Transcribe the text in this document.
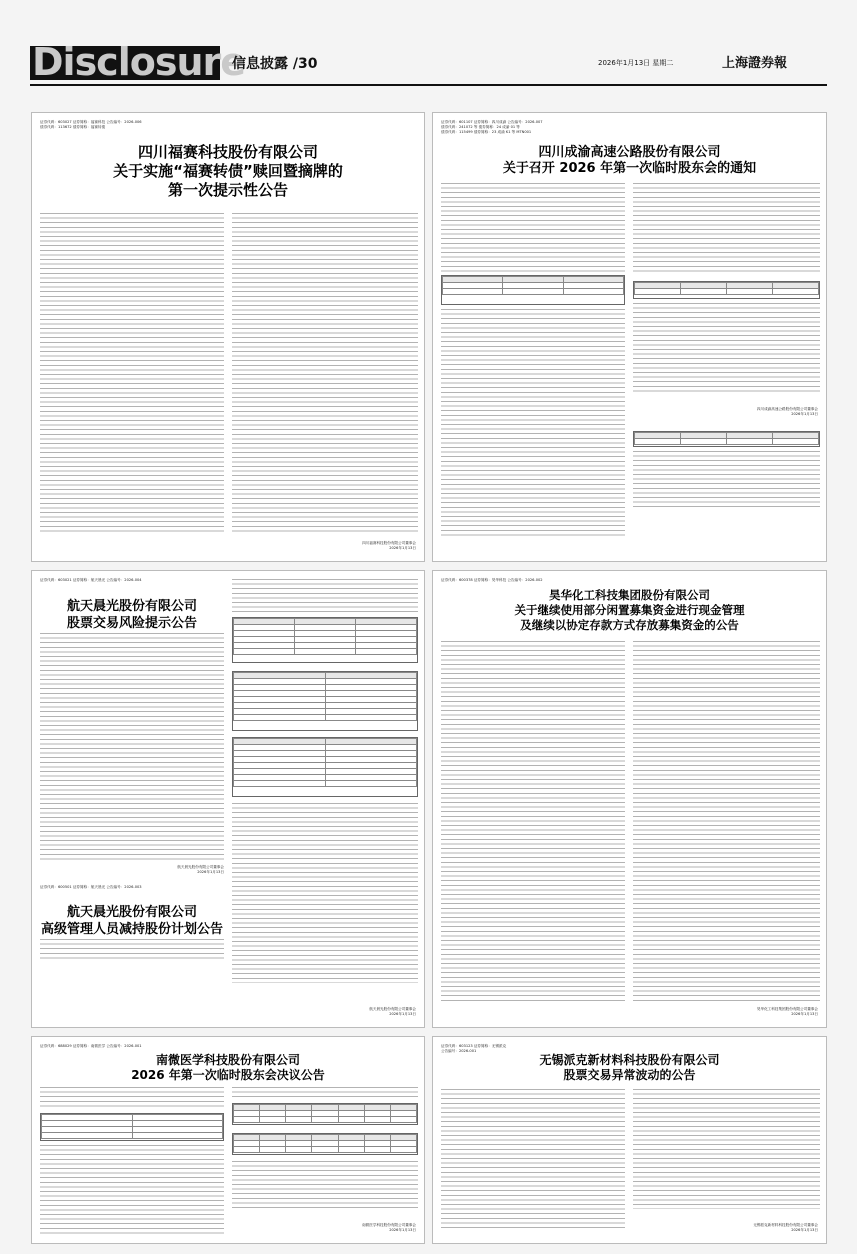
Disclosure
信息披露 /30	2026年1月13日 星期二	上海證券報
证券代码：603027 证券简称：福赛科技 公告编号：2026-006
债券代码：113672 债券简称：福赛转债
四川福赛科技股份有限公司
关于实施“福赛转债”赎回暨摘牌的
第一次提示性公告
四川福赛科技股份有限公司董事会
2026年1月13日
证券代码：601107 证券简称：四川成渝 公告编号：2026-007
债券代码：241072 等 债券简称：24 成渝 01 等
债券代码：115499 债券简称：23 成渝 K1 等 MTN001
四川成渝高速公路股份有限公司
关于召开 2026 年第一次临时股东会的通知

四川成渝高速公路股份有限公司董事会
2026年1月13日
证券代码：603021 证券简称：航天晨光 公告编号：2026-004
航天晨光股份有限公司
股票交易风险提示公告
航天晨光股份有限公司董事会
2026年1月13日

证券代码：600501 证券简称：航天晨光 公告编号：2026-003
航天晨光股份有限公司
高级管理人员减持股份计划公告
航天晨光股份有限公司董事会
2026年1月13日
证券代码：600378 证券简称：昊华科技 公告编号：2026-002
昊华化工科技集团股份有限公司
关于继续使用部分闲置募集资金进行现金管理
及继续以协定存款方式存放募集资金的公告
昊华化工科技集团股份有限公司董事会
2026年1月13日
证券代码：688029 证券简称：南微医学 公告编号：2026-001
南微医学科技股份有限公司
2026 年第一次临时股东会决议公告

南微医学科技股份有限公司董事会
2026年1月13日
证券代码：603123 证券简称：无锡派克
公告编号：2026-001
无锡派克新材料科技股份有限公司
股票交易异常波动的公告
无锡派克新材料科技股份有限公司董事会
2026年1月13日
